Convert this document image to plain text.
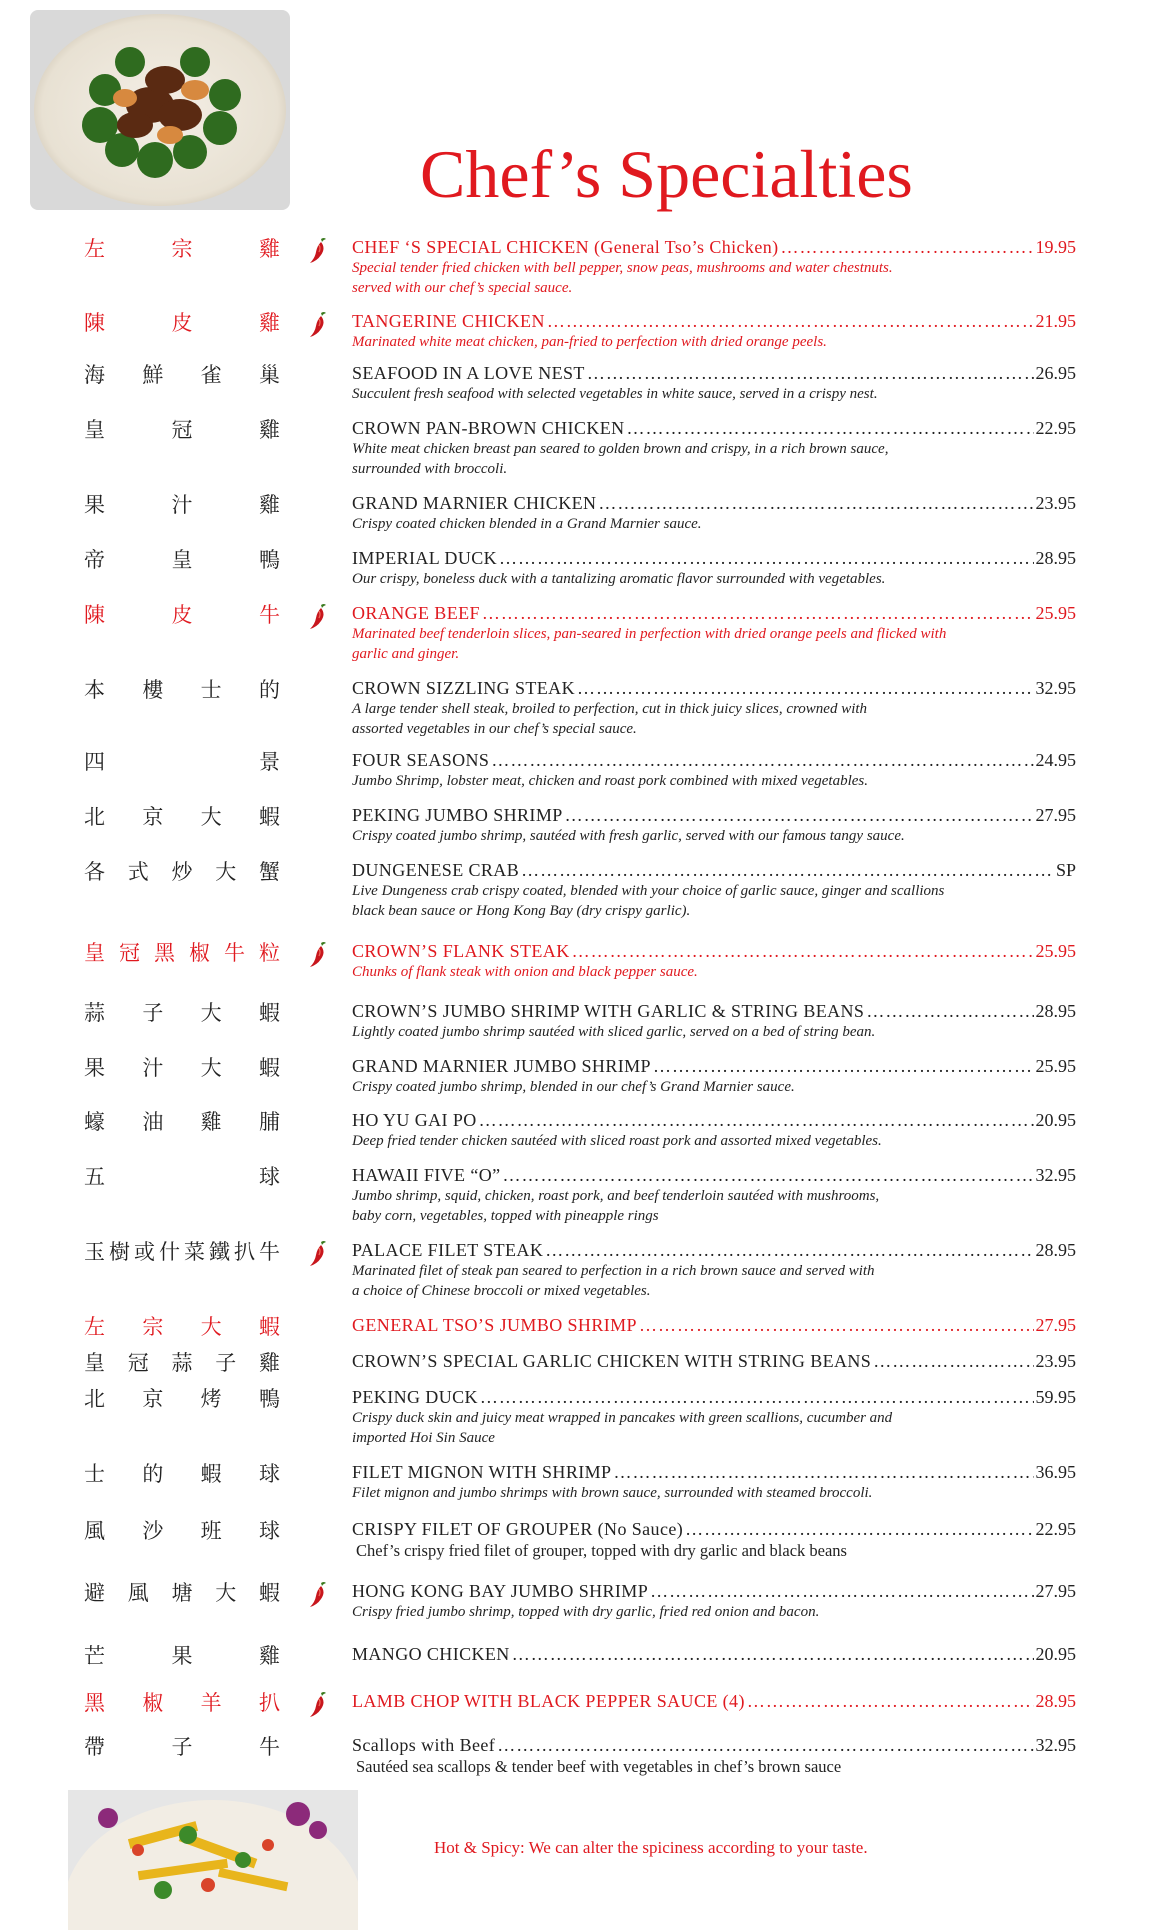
Chef’s Specialties
左	宗	雞	CHEF ‘S SPECIAL CHICKEN (General Tso’s Chicken) ……………………………………………………………………………………………………………………………………………………………………………	19.95
Special tender fried chicken with bell pepper, snow peas, mushrooms and water chestnuts.
served with our chef’s special sauce.
陳	皮	雞	TANGERINE CHICKEN ……………………………………………………………………………………………………………………………………………………………………………	21.95
Marinated white meat chicken, pan-fried to perfection with dried orange peels.
海 鮮 雀 巢	SEAFOOD IN A LOVE NEST ……………………………………………………………………………………………………………………………………………………………………………	26.95
Succulent fresh seafood with selected vegetables in white sauce, served in a crispy nest.
皇	冠	雞	CROWN PAN-BROWN CHICKEN ……………………………………………………………………………………………………………………………………………………………………………	22.95
White meat chicken breast pan seared to golden brown and crispy, in a rich brown sauce,
surrounded with broccoli.
果	汁	雞	GRAND MARNIER CHICKEN ……………………………………………………………………………………………………………………………………………………………………………	23.95
Crispy coated chicken blended in a Grand Marnier sauce.
帝	皇	鴨	IMPERIAL DUCK ……………………………………………………………………………………………………………………………………………………………………………	28.95
Our crispy, boneless duck with a tantalizing aromatic flavor surrounded with vegetables.
陳	皮	牛	ORANGE BEEF ……………………………………………………………………………………………………………………………………………………………………………	25.95
Marinated beef tenderloin slices, pan-seared in perfection with dried orange peels and flicked with
garlic and ginger.
本 樓 士 的	CROWN SIZZLING STEAK ……………………………………………………………………………………………………………………………………………………………………………	32.95
A large tender shell steak, broiled to perfection, cut in thick juicy slices, crowned with
assorted vegetables in our chef’s special sauce.
四	景	FOUR SEASONS ……………………………………………………………………………………………………………………………………………………………………………	24.95
Jumbo Shrimp, lobster meat, chicken and roast pork combined with mixed vegetables.
北 京 大 蝦	PEKING JUMBO SHRIMP ……………………………………………………………………………………………………………………………………………………………………………	27.95
Crispy coated jumbo shrimp, sautéed with fresh garlic, served with our famous tangy sauce.
各 式 炒 大 蟹	DUNGENESE CRAB ……………………………………………………………………………………………………………………………………………………………………………	SP
Live Dungeness crab crispy coated, blended with your choice of garlic sauce, ginger and scallions
black bean sauce or Hong Kong Bay (dry crispy garlic).
皇 冠 黑 椒 牛 粒	CROWN’S FLANK STEAK ……………………………………………………………………………………………………………………………………………………………………………	25.95
Chunks of flank steak with onion and black pepper sauce.
蒜 子 大 蝦	CROWN’S JUMBO SHRIMP WITH GARLIC & STRING BEANS ……………………………………………………………………………………………………………………………………………………………………………	28.95
Lightly coated jumbo shrimp sautéed with sliced garlic, served on a bed of string bean.
果 汁 大 蝦	GRAND MARNIER JUMBO SHRIMP ……………………………………………………………………………………………………………………………………………………………………………	25.95
Crispy coated jumbo shrimp, blended in our chef’s Grand Marnier sauce.
蠔 油 雞 脯	HO YU GAI PO ……………………………………………………………………………………………………………………………………………………………………………	20.95
Deep fried tender chicken sautéed with sliced roast pork and assorted mixed vegetables.
五	球	HAWAII FIVE “O” ……………………………………………………………………………………………………………………………………………………………………………	32.95
Jumbo shrimp, squid, chicken, roast pork, and beef tenderloin sautéed with mushrooms,
baby corn, vegetables, topped with pineapple rings
玉 樹 或 什 菜 鐵 扒 牛	PALACE FILET STEAK ……………………………………………………………………………………………………………………………………………………………………………	28.95
Marinated filet of steak pan seared to perfection in a rich brown sauce and served with
a choice of Chinese broccoli or mixed vegetables.
左 宗 大 蝦	GENERAL TSO’S JUMBO SHRIMP ……………………………………………………………………………………………………………………………………………………………………………	27.95
皇 冠 蒜 子 雞	CROWN’S SPECIAL GARLIC CHICKEN WITH STRING BEANS ……………………………………………………………………………………………………………………………………………………………………………	23.95
北 京 烤 鴨	PEKING DUCK ……………………………………………………………………………………………………………………………………………………………………………	59.95
Crispy duck skin and juicy meat wrapped in pancakes with green scallions, cucumber and
imported Hoi Sin Sauce
士 的 蝦 球	FILET MIGNON WITH SHRIMP ……………………………………………………………………………………………………………………………………………………………………………	36.95
Filet mignon and jumbo shrimps with brown sauce, surrounded with steamed broccoli.
風 沙 班 球	CRISPY FILET OF GROUPER (No Sauce) ……………………………………………………………………………………………………………………………………………………………………………	22.95
Chef’s crispy fried filet of grouper, topped with dry garlic and black beans
避 風 塘 大 蝦	HONG KONG BAY JUMBO SHRIMP ……………………………………………………………………………………………………………………………………………………………………………	27.95
Crispy fried jumbo shrimp, topped with dry garlic, fried red onion and bacon.
芒	果	雞	MANGO CHICKEN ……………………………………………………………………………………………………………………………………………………………………………	20.95
黑 椒 羊 扒	LAMB CHOP WITH BLACK PEPPER SAUCE (4) ……………………………………………………………………………………………………………………………………………………………………………	28.95
帶	子	牛	Scallops with Beef ……………………………………………………………………………………………………………………………………………………………………………	32.95
Sautéed sea scallops & tender beef with vegetables in chef’s brown sauce
Hot & Spicy: We can alter the spiciness according to your taste.
